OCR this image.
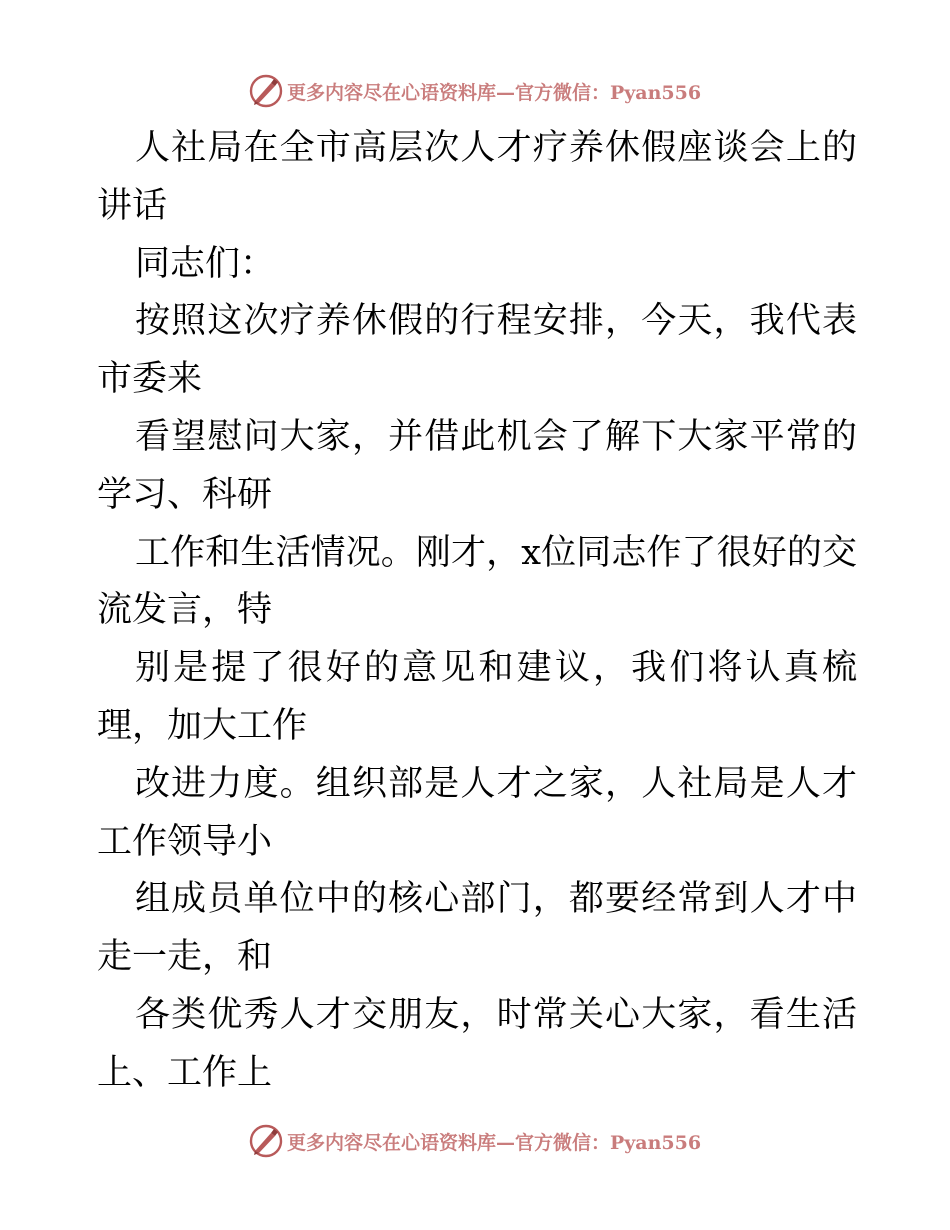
更多内容尽在心语资料库—官方微信：Pyan556

人社局在全市高层次人才疗养休假座谈会上的讲话

同志们：

按照这次疗养休假的行程安排，今天，我代表市委来

看望慰问大家，并借此机会了解下大家平常的学习、科研

工作和生活情况。刚才，x位同志作了很好的交流发言，特

别是提了很好的意见和建议，我们将认真梳理，加大工作

改进力度。组织部是人才之家，人社局是人才工作领导小

组成员单位中的核心部门，都要经常到人才中走一走，和

各类优秀人才交朋友，时常关心大家，看生活上、工作上

更多内容尽在心语资料库—官方微信：Pyan556
